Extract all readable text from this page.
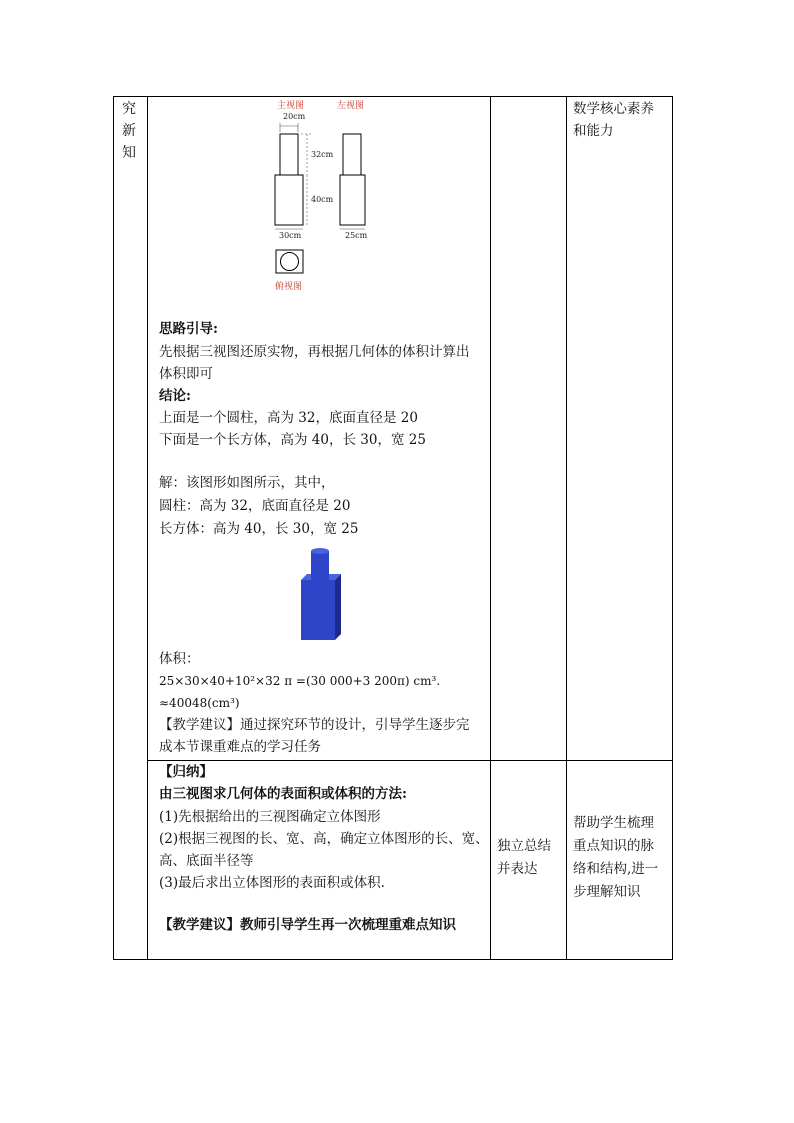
究
新
知
数学核心素养
和能力
主视图	左视图
20cm
32cm
40cm
30cm	25cm
俯视图
思路引导:
先根据三视图还原实物，再根据几何体的体积计算出
体积即可
结论:
上面是一个圆柱，高为 32，底面直径是 20
下面是一个长方体，高为 40，长 30，宽 25
解：该图形如图所示，其中，
圆柱：高为 32，底面直径是 20
长方体：高为 40，长 30，宽 25
体积：
25×30×40+10²×32 π =(30 000+3 200π) cm³.
≈40048(cm³)
【教学建议】通过探究环节的设计，引导学生逐步完
成本节课重难点的学习任务
【归纳】
由三视图求几何体的表面积或体积的方法:
(1)先根据给出的三视图确定立体图形
(2)根据三视图的长、宽、高，确定立体图形的长、宽、
高、底面半径等
(3)最后求出立体图形的表面积或体积.
【教学建议】教师引导学生再一次梳理重难点知识
独立总结
并表达
帮助学生梳理
重点知识的脉
络和结构,进一
步理解知识
